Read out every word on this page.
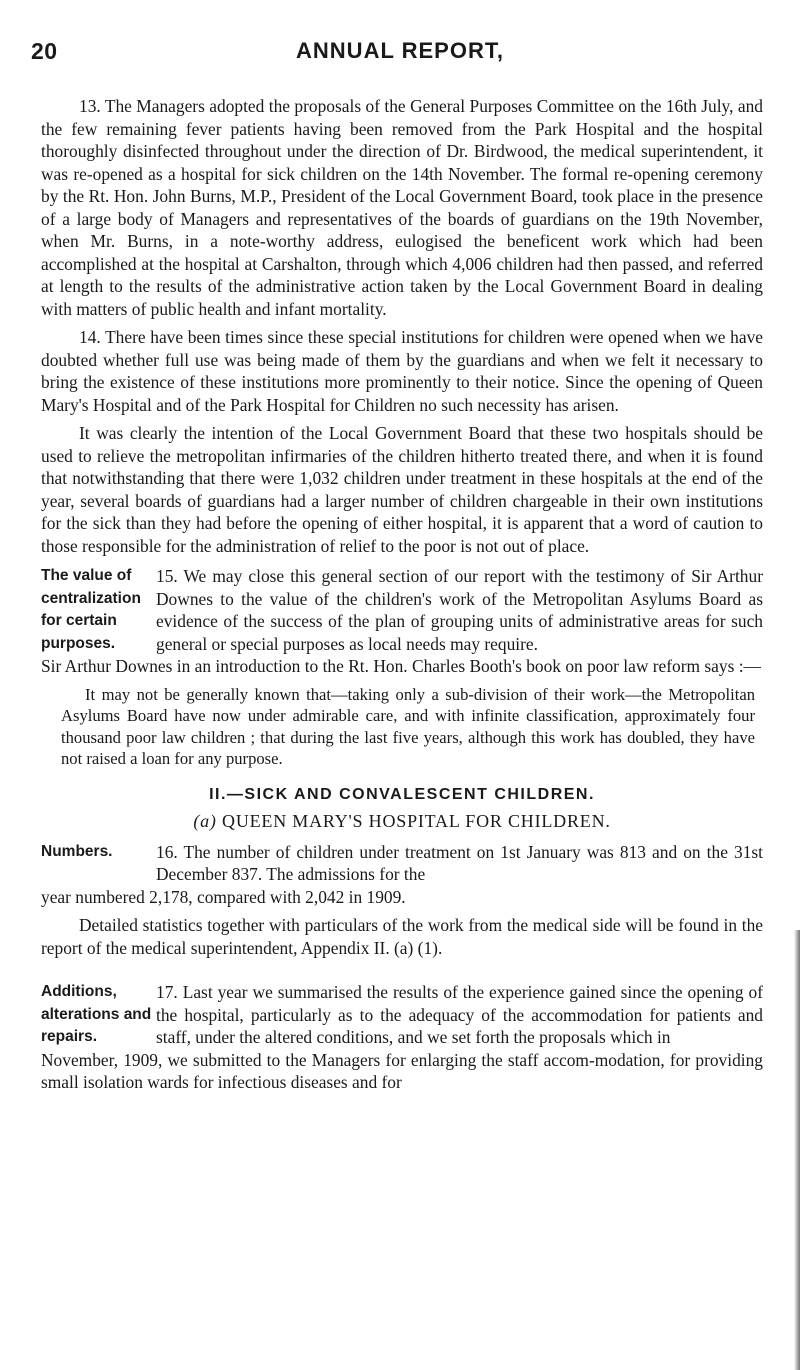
20	ANNUAL REPORT,

13. The Managers adopted the proposals of the General Purposes Committee on the 16th July, and the few remaining fever patients having been removed from the Park Hospital and the hospital thoroughly disinfected throughout under the direction of Dr. Birdwood, the medical superintendent, it was re-opened as a hospital for sick children on the 14th November. The formal re-opening ceremony by the Rt. Hon. John Burns, M.P., President of the Local Government Board, took place in the presence of a large body of Managers and representatives of the boards of guardians on the 19th November, when Mr. Burns, in a note-worthy address, eulogised the beneficent work which had been accomplished at the hospital at Carshalton, through which 4,006 children had then passed, and referred at length to the results of the administrative action taken by the Local Government Board in dealing with matters of public health and infant mortality.

14. There have been times since these special institutions for children were opened when we have doubted whether full use was being made of them by the guardians and when we felt it necessary to bring the existence of these institutions more prominently to their notice. Since the opening of Queen Mary's Hospital and of the Park Hospital for Children no such necessity has arisen.

It was clearly the intention of the Local Government Board that these two hospitals should be used to relieve the metropolitan infirmaries of the children hitherto treated there, and when it is found that notwithstanding that there were 1,032 children under treatment in these hospitals at the end of the year, several boards of guardians had a larger number of children chargeable in their own institutions for the sick than they had before the opening of either hospital, it is apparent that a word of caution to those responsible for the administration of relief to the poor is not out of place.

The value of centralization for certain purposes.
15. We may close this general section of our report with the testimony of Sir Arthur Downes to the value of the children's work of the Metropolitan Asylums Board as evidence of the success of the plan of grouping units of administrative areas for such general or special purposes as local needs may require.

Sir Arthur Downes in an introduction to the Rt. Hon. Charles Booth's book on poor law reform says :—

It may not be generally known that—taking only a sub-division of their work—the Metropolitan Asylums Board have now under admirable care, and with infinite classification, approximately four thousand poor law children ; that during the last five years, although this work has doubled, they have not raised a loan for any purpose.

II.—SICK AND CONVALESCENT CHILDREN.
(a) QUEEN MARY'S HOSPITAL FOR CHILDREN.
Numbers.	16. The number of children under treatment on 1st January was 813 and on the 31st December 837. The admissions for the

year numbered 2,178, compared with 2,042 in 1909.

Detailed statistics together with particulars of the work from the medical side will be found in the report of the medical superintendent, Appendix II. (a) (1).

Additions, alterations and repairs.
17. Last year we summarised the results of the experience gained since the opening of the hospital, particularly as to the adequacy of the accommodation for patients and staff, under the altered conditions, and we set forth the proposals which in

November, 1909, we submitted to the Managers for enlarging the staff accom-modation, for providing small isolation wards for infectious diseases and for
